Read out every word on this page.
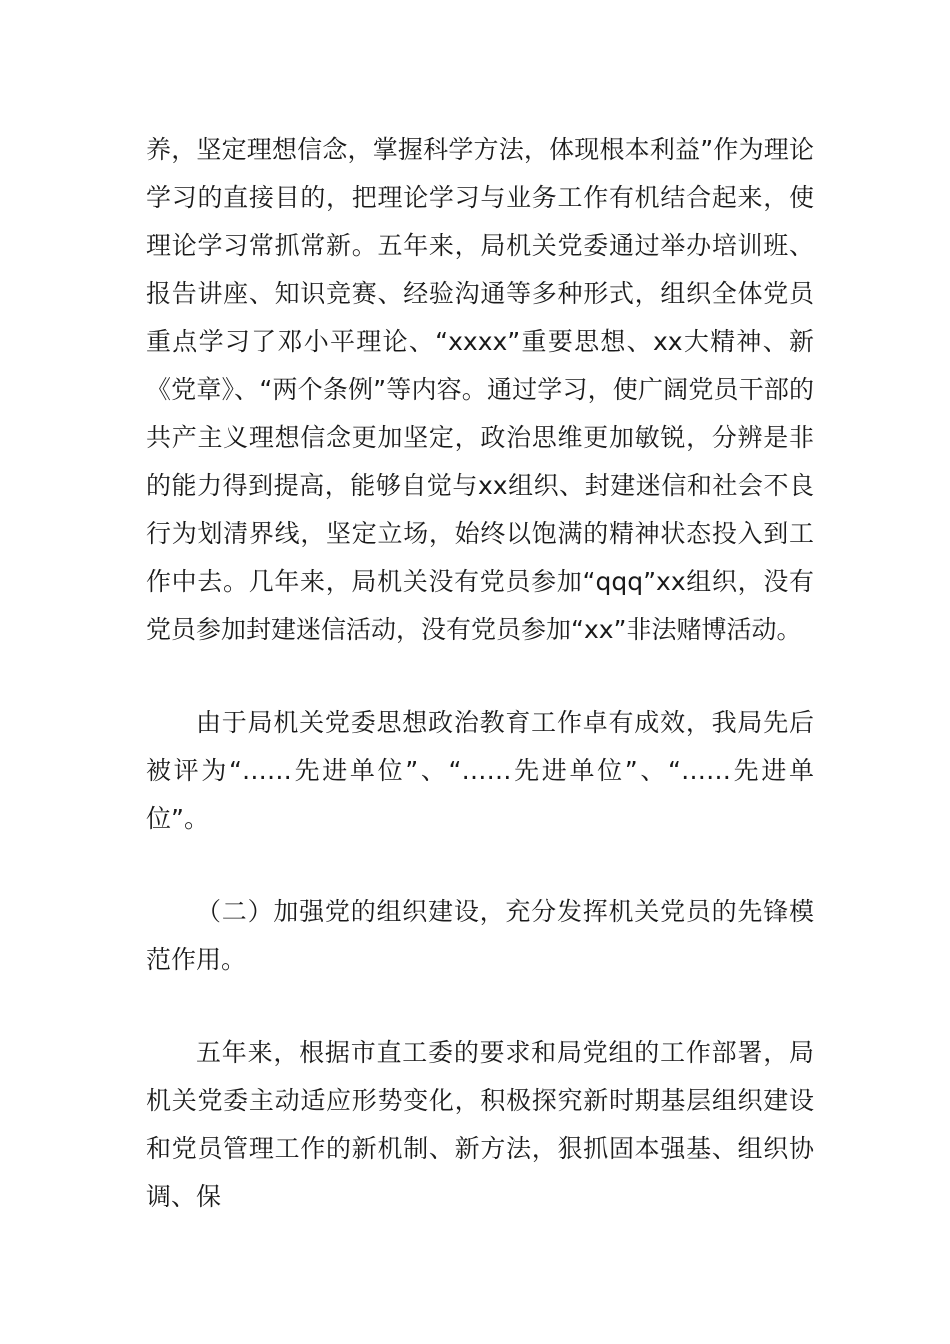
养，坚定理想信念，掌握科学方法，体现根本利益”作为理论学习的直接目的，把理论学习与业务工作有机结合起来，使理论学习常抓常新。五年来，局机关党委通过举办培训班、报告讲座、知识竞赛、经验沟通等多种形式，组织全体党员重点学习了邓小平理论、“xxxx”重要思想、xx大精神、新《党章》、“两个条例”等内容。通过学习，使广阔党员干部的共产主义理想信念更加坚定，政治思维更加敏锐，分辨是非的能力得到提高，能够自觉与xx组织、封建迷信和社会不良行为划清界线，坚定立场，始终以饱满的精神状态投入到工作中去。几年来，局机关没有党员参加“qqq”xx组织，没有党员参加封建迷信活动，没有党员参加“xx”非法赌博活动。

由于局机关党委思想政治教育工作卓有成效，我局先后被评为“……先进单位”、“……先进单位”、“……先进单位”。

（二）加强党的组织建设，充分发挥机关党员的先锋模范作用。

五年来，根据市直工委的要求和局党组的工作部署，局机关党委主动适应形势变化，积极探究新时期基层组织建设和党员管理工作的新机制、新方法，狠抓固本强基、组织协调、保
